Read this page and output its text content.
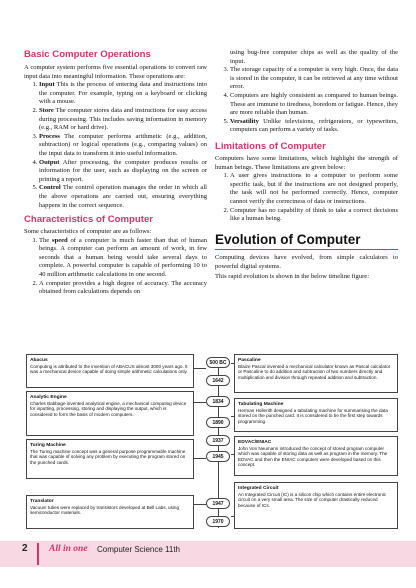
Basic Computer Operations

A computer system performs five essential operations to convert raw input data into meaningful information. These operations are:

1. Input This is the process of entering data and instructions into the computer. For example, typing on a keyboard or clicking with a mouse.
2. Store The computer stores data and instructions for easy access during processing. This includes saving information in memory (e.g., RAM or hard drive).
3. Process The computer performs arithmetic (e.g., addition, subtraction) or logical operations (e.g., comparing values) on the input data to transform it into useful information.
4. Output After processing, the computer produces results or information for the user, such as displaying on the screen or printing a report.
5. Control The control operation manages the order in which all the above operations are carried out, ensuring everything happens in the correct sequence.
Characteristics of Computer

Some characteristics of computer are as follows:

1. The speed of a computer is much faster than that of human beings. A computer can perform an amount of work, in few seconds that a human being would take several days to complete. A powerful computer is capable of performing 10 to 40 million arithmetic calculations in one second.
2. A computer provides a high degree of accuracy. The accuracy obtained from calculations depends on

using bug-free computer chips as well as the quality of the input.

3. The storage capacity of a computer is very high. Once, the data is stored in the computer, it can be retrieved at any time without error.
4. Computers are highly consistent as compared to human beings. These are immune to tiredness, boredom or fatigue. Hence, they are more reliable than human.
5. Versatility Unlike televisions, refrigerators, or typewriters, computers can perform a variety of tasks.
Limitations of Computer

Computers have some limitations, which highlight the strength of human beings. These limitations are given below:

1. A user gives instructions to a computer to perform some specific task, but if the instructions are not designed properly, the task will not be performed correctly. Hence, computer cannot verify the correctness of data or instructions.
2. Computer has no capability of think to take a correct decisions like a human being.
Evolution of Computer

Computing devices have evolved, from simple calculators to powerful digital systems.

This rapid evolution is shown in the below timeline figure:

Abacus
Computing is attributed to the invention of ABACUS almost 3000 years ago. It was a mechanical device capable of doing simple arithmetic calculations only.
Analytic Engine
Charles Babbage invented analytical engine, a mechanical computing device for inputting, processing, storing and displaying the output, which is considered to form the basis of modern computers.
Turing Machine
The Turing machine concept was a general purpose programmable machine that was capable of solving any problem by executing the program stored on the punched cards.
Translator
Vacuum tubes were replaced by transistors developed at Bell Labs, using semiconductor materials.
Pascaline
Blaize Pascal invented a mechanical calculator known as Pascal calculator or Pascaline to do addition and subtraction of two numbers directly and multiplication and division through repeated addition and subtraction.
Tabulating Machine
Herman Hollerith designed a tabulating machine for summarising the data stored on the punched card. It is considered to be the first step towards programming.
EDVAC/ENIAC
John Von Neumann introduced the concept of stored program computer which was capable of storing data as well as program in the memory. The EDVAC and then the ENIAC computers were developed based on this concept.
Integrated Circuit
An Integrated Circuit (IC) is a silicon chip which contains entire electronic circuit on a very small area. The size of computer drastically reduced because of ICs.
500 BC
1642
1834
1890
1937
1945
1947
1970
2 All in one Computer Science 11th
